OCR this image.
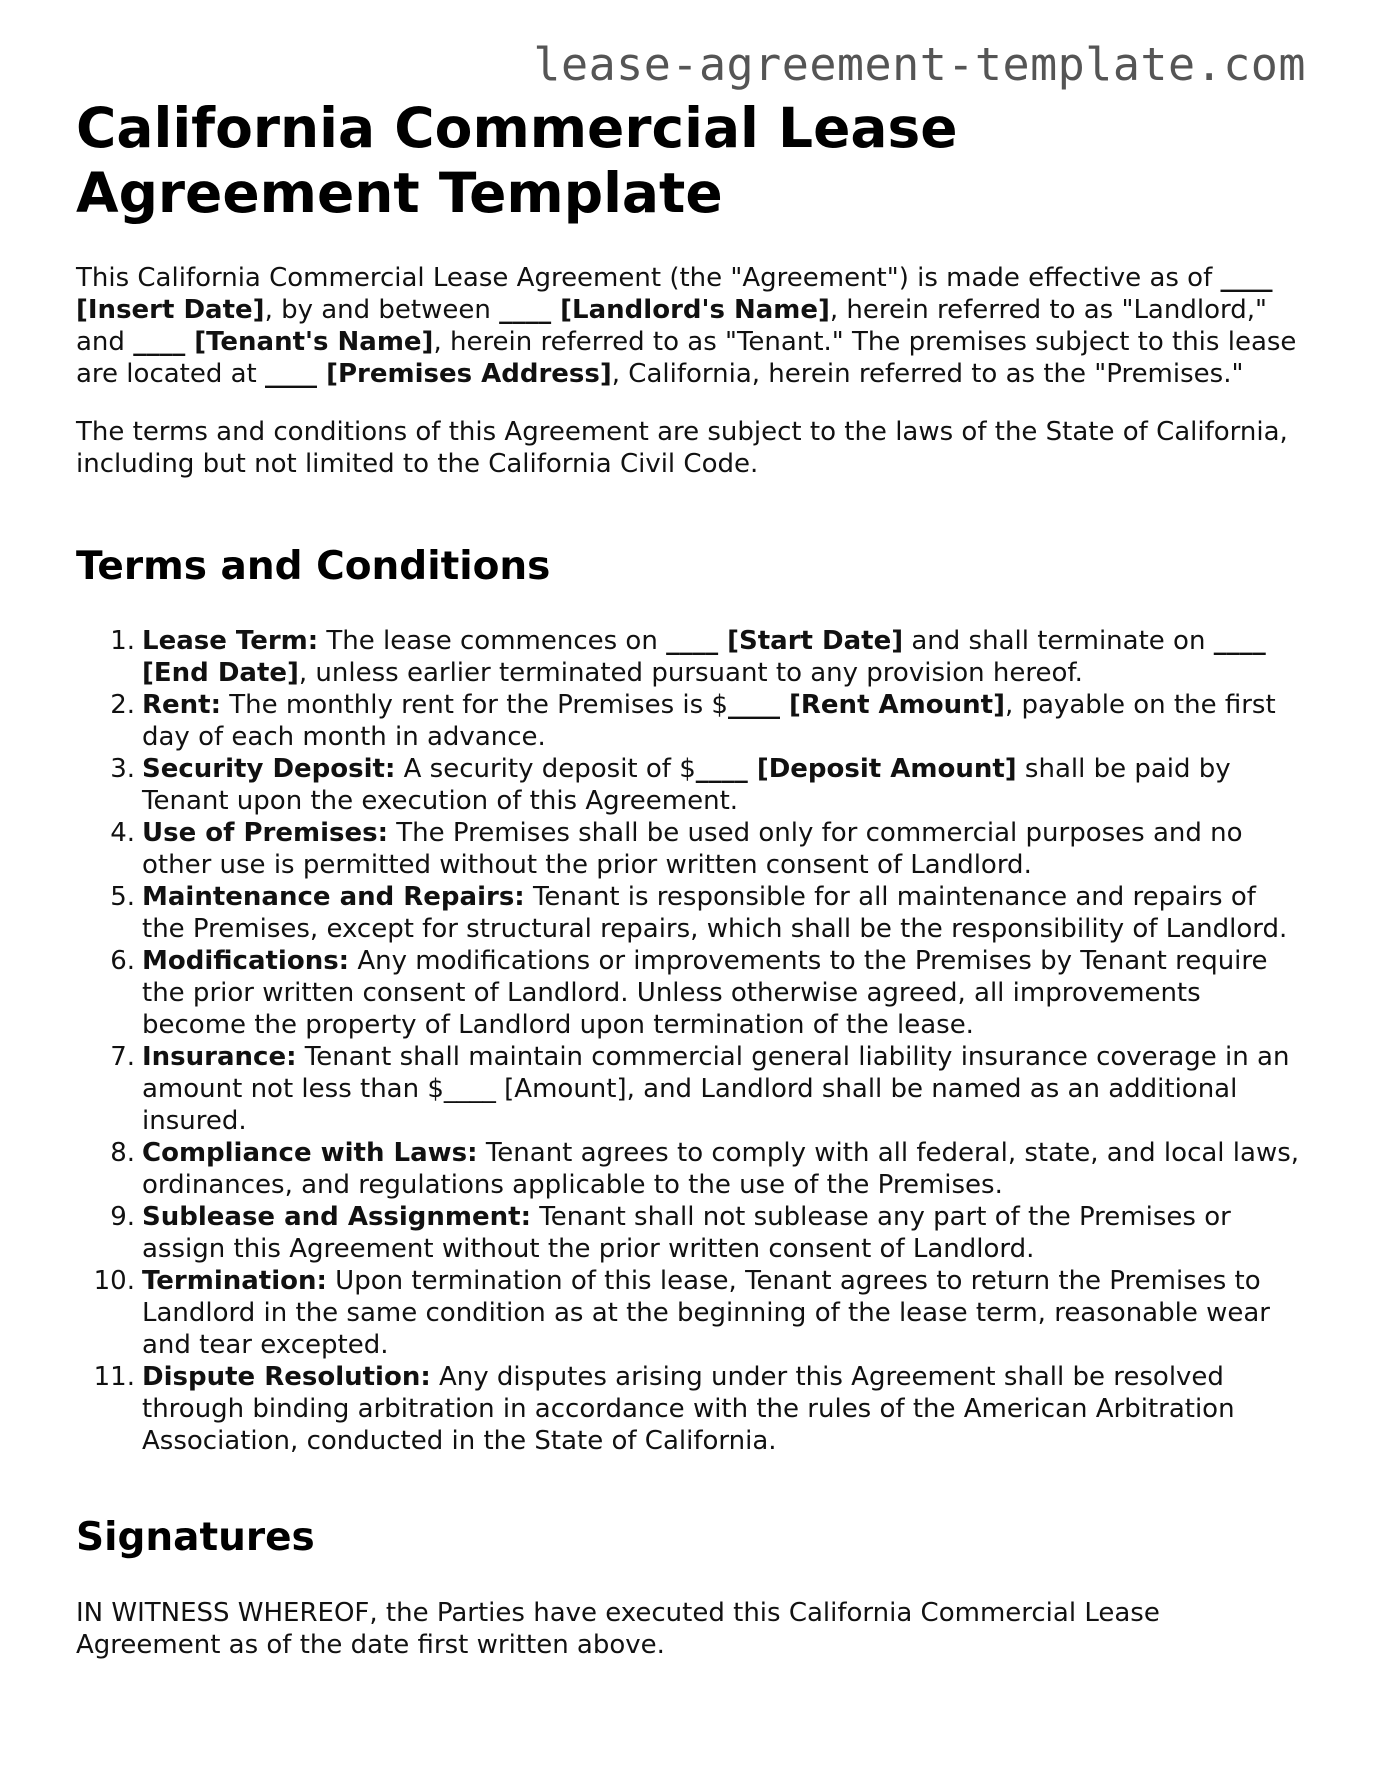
lease-agreement-template.com
California Commercial Lease Agreement Template

This California Commercial Lease Agreement (the "Agreement") is made effective as of ____ [Insert Date], by and between ____ [Landlord's Name], herein referred to as "Landlord," and ____ [Tenant's Name], herein referred to as "Tenant." The premises subject to this lease are located at ____ [Premises Address], California, herein referred to as the "Premises."

The terms and conditions of this Agreement are subject to the laws of the State of California, including but not limited to the California Civil Code.

Terms and Conditions
1. Lease Term: The lease commences on ____ [Start Date] and shall terminate on ____ [End Date], unless earlier terminated pursuant to any provision hereof.
2. Rent: The monthly rent for the Premises is $____ [Rent Amount], payable on the first day of each month in advance.
3. Security Deposit: A security deposit of $____ [Deposit Amount] shall be paid by Tenant upon the execution of this Agreement.
4. Use of Premises: The Premises shall be used only for commercial purposes and no other use is permitted without the prior written consent of Landlord.
5. Maintenance and Repairs: Tenant is responsible for all maintenance and repairs of the Premises, except for structural repairs, which shall be the responsibility of Landlord.
6. Modifications: Any modifications or improvements to the Premises by Tenant require the prior written consent of Landlord. Unless otherwise agreed, all improvements become the property of Landlord upon termination of the lease.
7. Insurance: Tenant shall maintain commercial general liability insurance coverage in an amount not less than $____ [Amount], and Landlord shall be named as an additional insured.
8. Compliance with Laws: Tenant agrees to comply with all federal, state, and local laws, ordinances, and regulations applicable to the use of the Premises.
9. Sublease and Assignment: Tenant shall not sublease any part of the Premises or assign this Agreement without the prior written consent of Landlord.
10. Termination: Upon termination of this lease, Tenant agrees to return the Premises to Landlord in the same condition as at the beginning of the lease term, reasonable wear and tear excepted.
11. Dispute Resolution: Any disputes arising under this Agreement shall be resolved through binding arbitration in accordance with the rules of the American Arbitration Association, conducted in the State of California.
Signatures

IN WITNESS WHEREOF, the Parties have executed this California Commercial Lease Agreement as of the date first written above.
